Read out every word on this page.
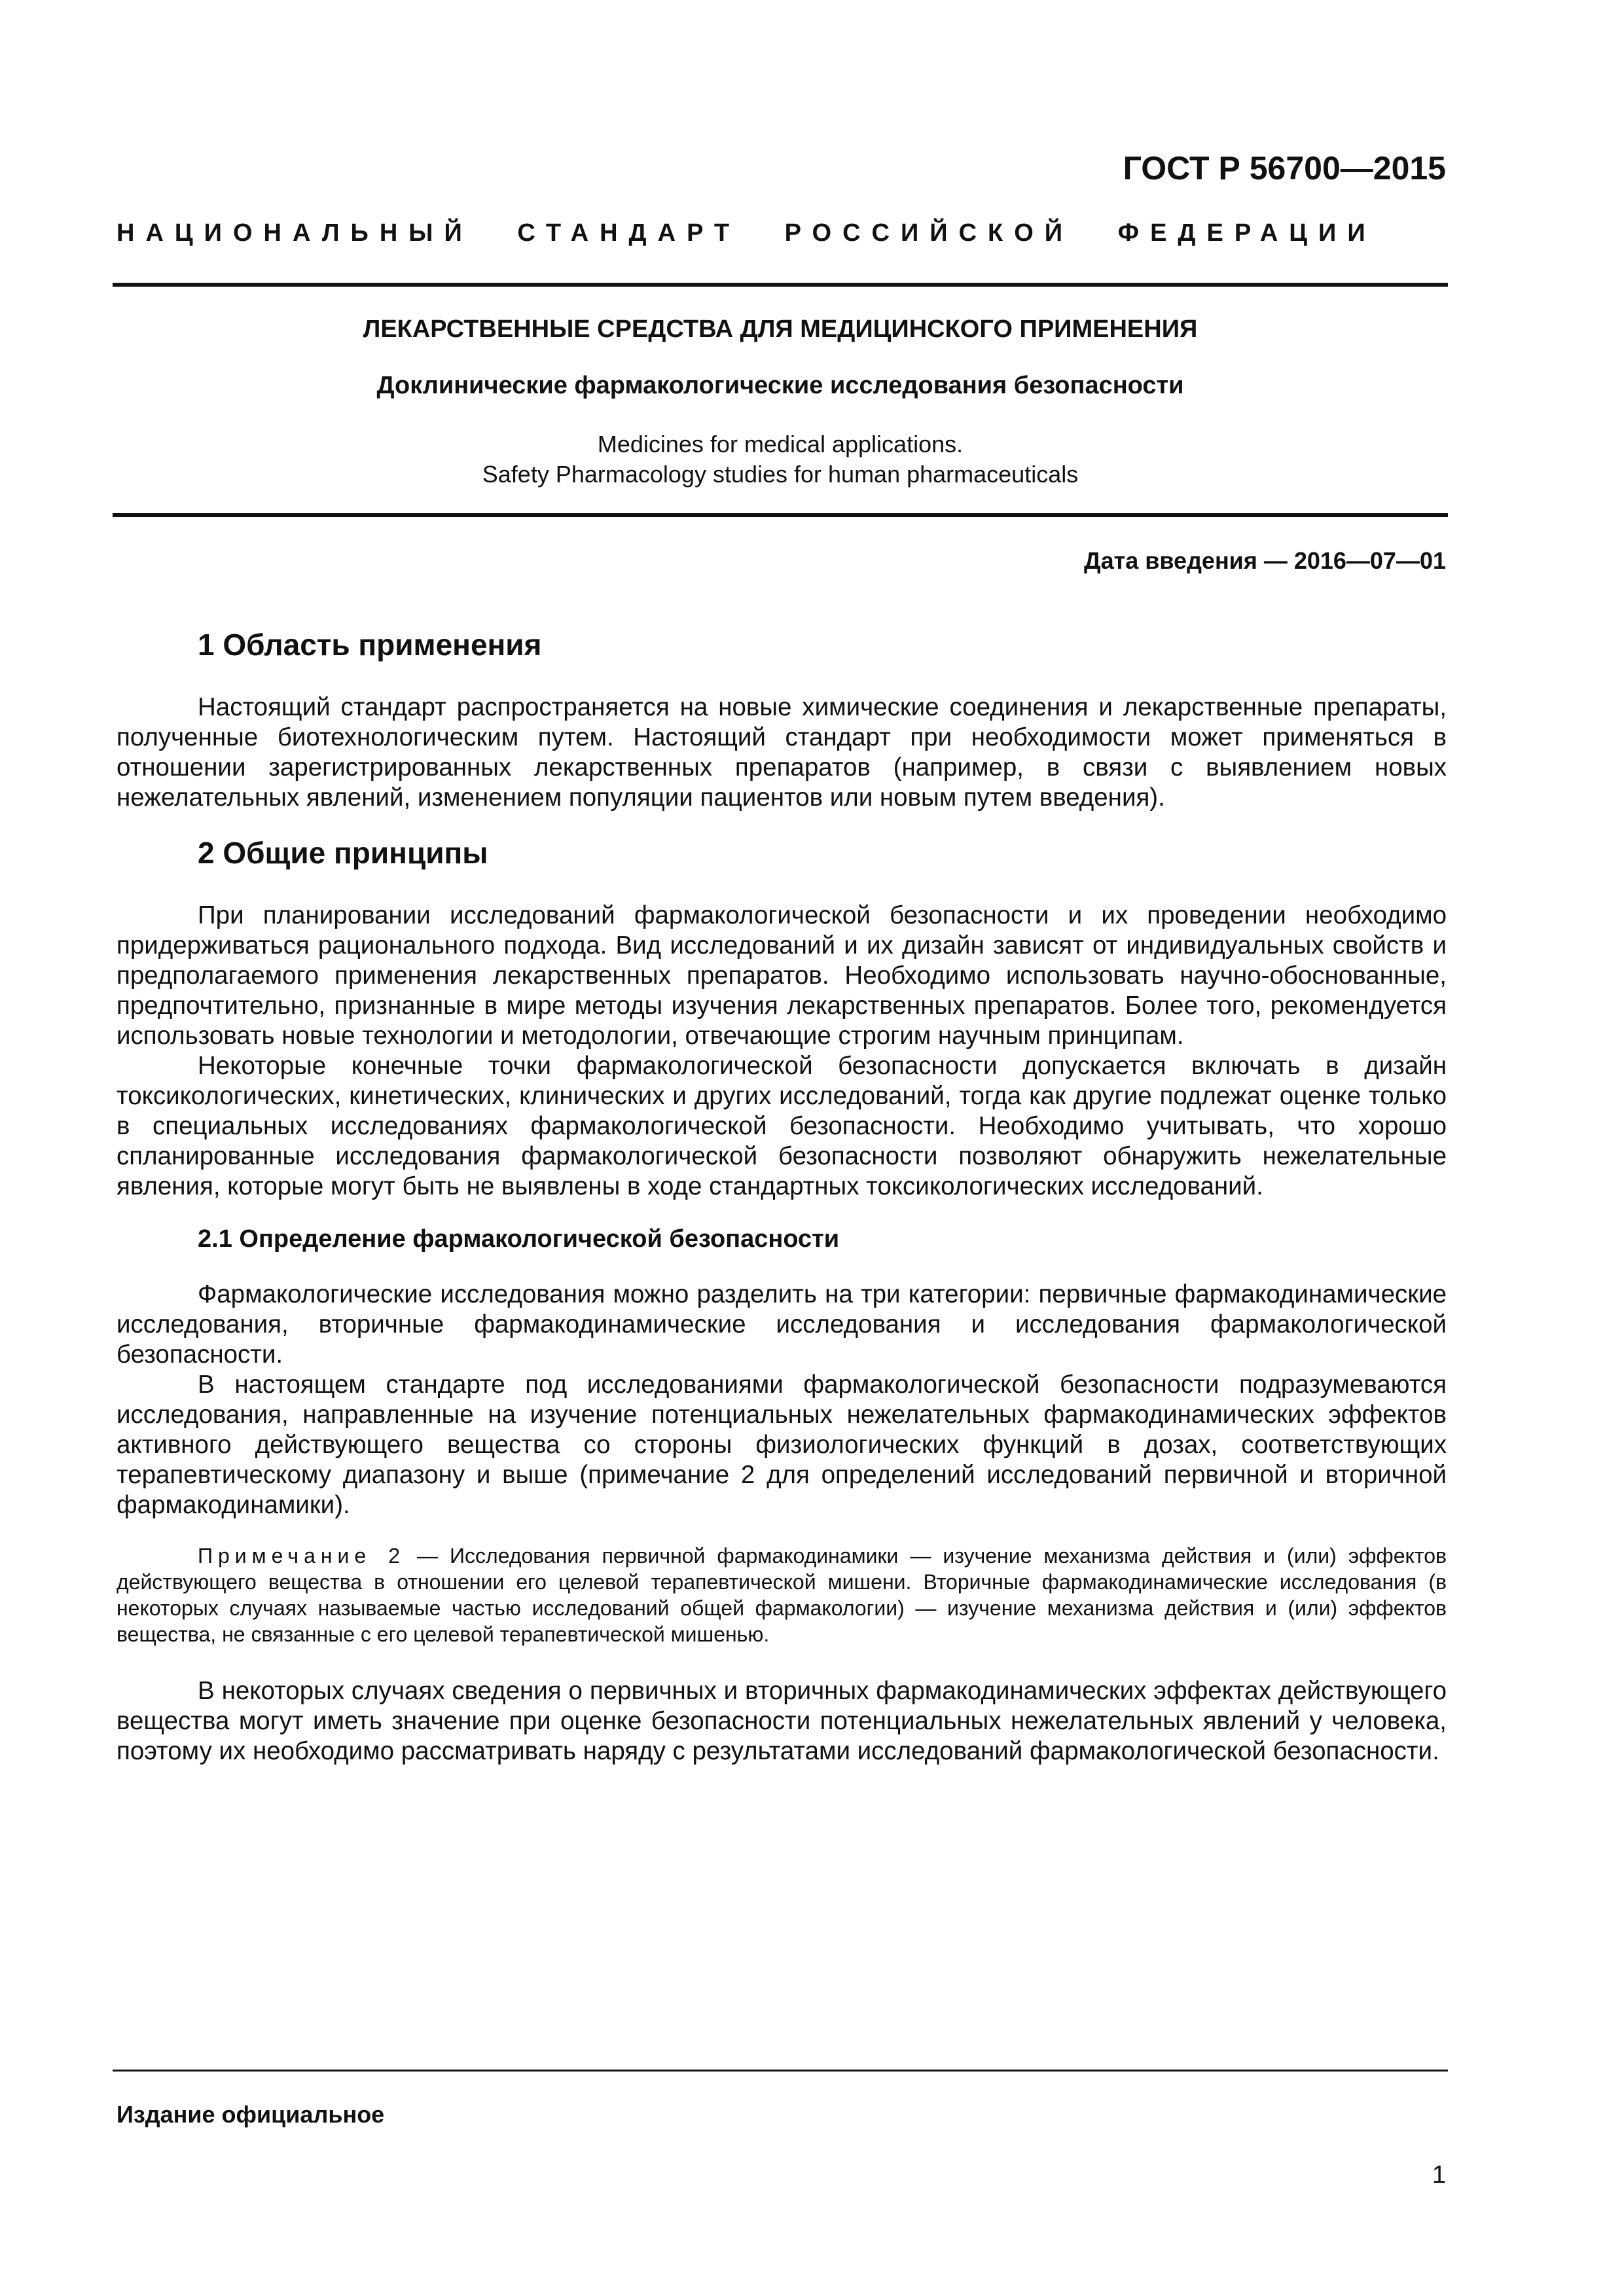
ГОСТ Р 56700—2015
НАЦИОНАЛЬНЫЙ СТАНДАРТ РОССИЙСКОЙ ФЕДЕРАЦИИ
ЛЕКАРСТВЕННЫЕ СРЕДСТВА ДЛЯ МЕДИЦИНСКОГО ПРИМЕНЕНИЯ
Доклинические фармакологические исследования безопасности
Medicines for medical applications.
Safety Pharmacology studies for human pharmaceuticals
Дата введения — 2016—07—01
1 Область применения

Настоящий стандарт распространяется на новые химические соединения и лекарственные препараты, полученные биотехнологическим путем. Настоящий стандарт при необходимости может применяться в отношении зарегистрированных лекарственных препаратов (например, в связи с выявлением новых нежелательных явлений, изменением популяции пациентов или новым путем введения).

2 Общие принципы

При планировании исследований фармакологической безопасности и их проведении необходимо придерживаться рационального подхода. Вид исследований и их дизайн зависят от индивидуальных свойств и предполагаемого применения лекарственных препаратов. Необходимо использовать научно-обоснованные, предпочтительно, признанные в мире методы изучения лекарственных препаратов. Более того, рекомендуется использовать новые технологии и методологии, отвечающие строгим научным принципам.

Некоторые конечные точки фармакологической безопасности допускается включать в дизайн токсикологических, кинетических, клинических и других исследований, тогда как другие подлежат оценке только в специальных исследованиях фармакологической безопасности. Необходимо учитывать, что хорошо спланированные исследования фармакологической безопасности позволяют обнаружить нежелательные явления, которые могут быть не выявлены в ходе стандартных токсикологических исследований.

2.1 Определение фармакологической безопасности

Фармакологические исследования можно разделить на три категории: первичные фармакодинамические исследования, вторичные фармакодинамические исследования и исследования фармакологической безопасности.

В настоящем стандарте под исследованиями фармакологической безопасности подразумеваются исследования, направленные на изучение потенциальных нежелательных фармакодинамических эффектов активного действующего вещества со стороны физиологических функций в дозах, соответствующих терапевтическому диапазону и выше (примечание 2 для определений исследований первичной и вторичной фармакодинамики).

Примечание 2 — Исследования первичной фармакодинамики — изучение механизма действия и (или) эффектов действующего вещества в отношении его целевой терапевтической мишени. Вторичные фармакодинамические исследования (в некоторых случаях называемые частью исследований общей фармакологии) — изучение механизма действия и (или) эффектов вещества, не связанные с его целевой терапевтической мишенью.

В некоторых случаях сведения о первичных и вторичных фармакодинамических эффектах действующего вещества могут иметь значение при оценке безопасности потенциальных нежелательных явлений у человека, поэтому их необходимо рассматривать наряду с результатами исследований фармакологической безопасности.

Издание официальное
1
